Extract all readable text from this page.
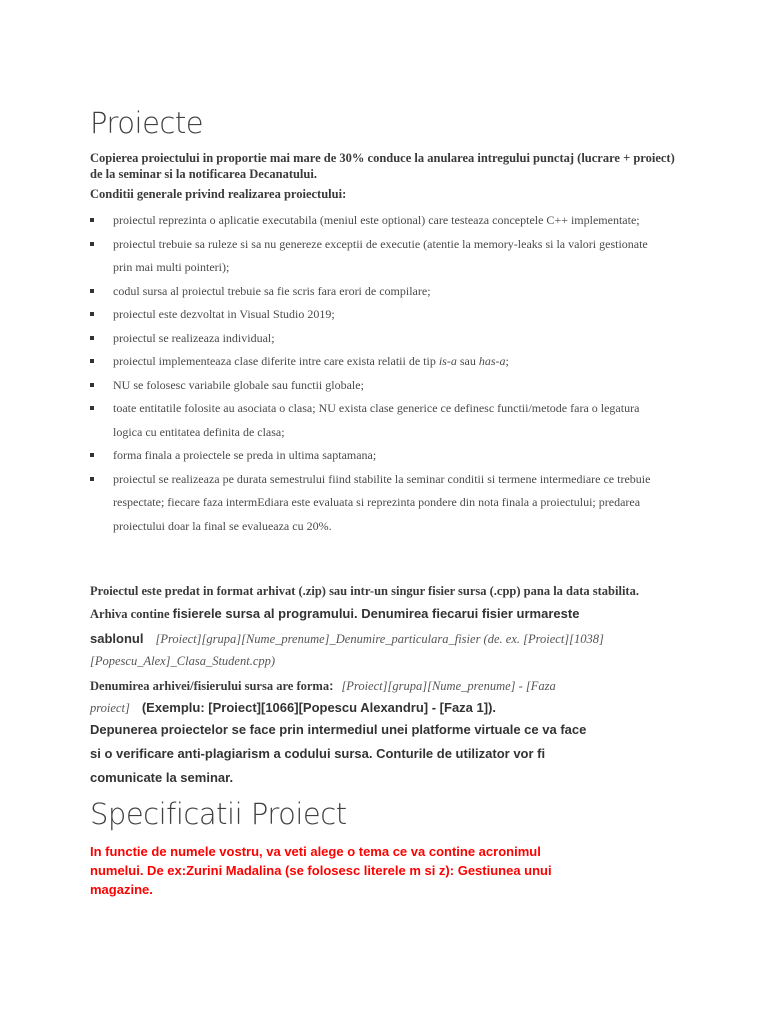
Proiecte

Copierea proiectului in proportie mai mare de 30% conduce la anularea intregului punctaj (lucrare + proiect) de la seminar si la notificarea Decanatului.

Conditii generale privind realizarea proiectului:

proiectul reprezinta o aplicatie executabila (meniul este optional) care testeaza conceptele C++ implementate;
proiectul trebuie sa ruleze si sa nu genereze exceptii de executie (atentie la memory-leaks si la valori gestionate prin mai multi pointeri);
codul sursa al proiectul trebuie sa fie scris fara erori de compilare;
proiectul este dezvoltat in Visual Studio 2019;
proiectul se realizeaza individual;
proiectul implementeaza clase diferite intre care exista relatii de tip is-a sau has-a;
NU se folosesc variabile globale sau functii globale;
toate entitatile folosite au asociata o clasa; NU exista clase generice ce definesc functii/metode fara o legatura logica cu entitatea definita de clasa;
forma finala a proiectele se preda in ultima saptamana;
proiectul se realizeaza pe durata semestrului fiind stabilite la seminar conditii si termene intermediare ce trebuie respectate; fiecare faza intermEdiara este evaluata si reprezinta pondere din nota finala a proiectului; predarea proiectului doar la final se evalueaza cu 20%.
Proiectul este predat in format arhivat (.zip) sau intr-un singur fisier sursa (.cpp) pana la data stabilita.
Arhiva contine fisierele sursa al programului. Denumirea fiecarui fisier urmareste
sablonul [Proiect][grupa][Nume_prenume]_Denumire_particulara_fisier (de. ex. [Proiect][1038]
[Popescu_Alex]_Clasa_Student.cpp)
Denumirea arhivei/fisierului sursa are forma: [Proiect][grupa][Nume_prenume] - [Faza
proiect] (Exemplu: [Proiect][1066][Popescu Alexandru] - [Faza 1]).
Depunerea proiectelor se face prin intermediul unei platforme virtuale ce va face
si o verificare anti-plagiarism a codului sursa. Conturile de utilizator vor fi
comunicate la seminar.
Specificatii Proiect
In functie de numele vostru, va veti alege o tema ce va contine acronimul
numelui. De ex:Zurini Madalina (se folosesc literele m si z): Gestiunea unui
magazine.
